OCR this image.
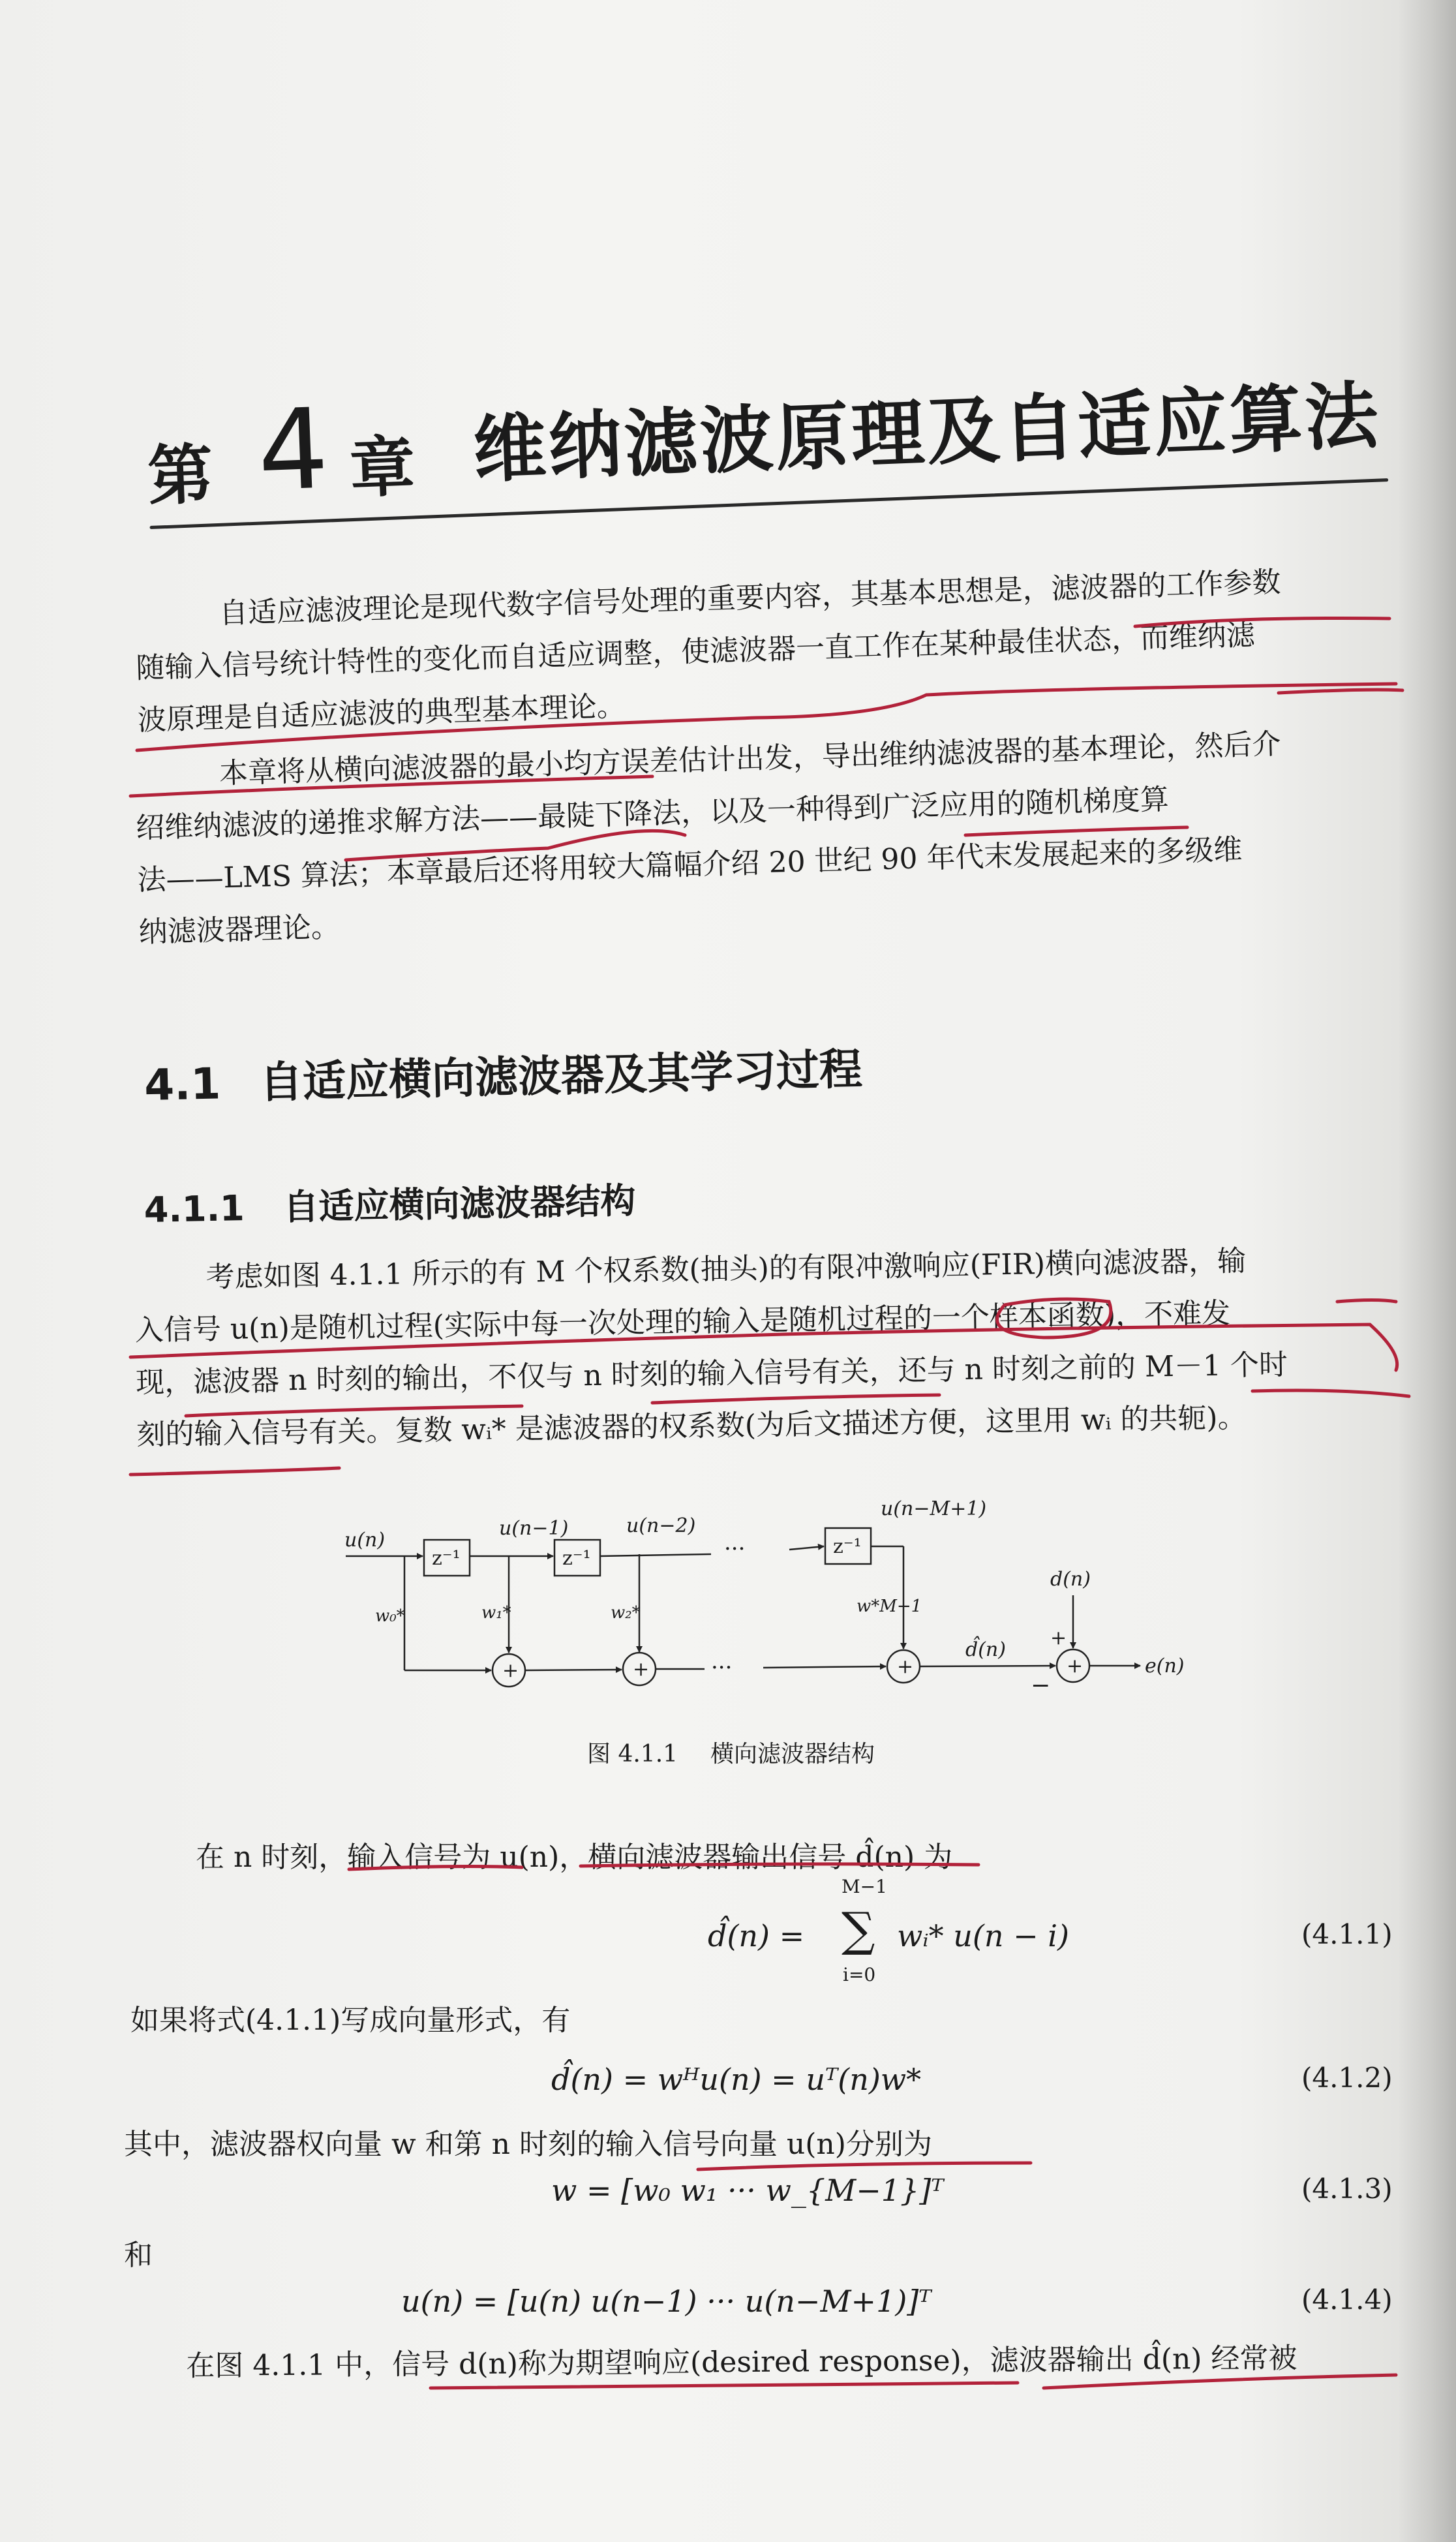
第 4 章 维纳滤波原理及自适应算法
自适应滤波理论是现代数字信号处理的重要内容，其基本思想是，滤波器的工作参数
随输入信号统计特性的变化而自适应调整，使滤波器一直工作在某种最佳状态，而维纳滤
波原理是自适应滤波的典型基本理论。
本章将从横向滤波器的最小均方误差估计出发，导出维纳滤波器的基本理论，然后介
绍维纳滤波的递推求解方法——最陡下降法，以及一种得到广泛应用的随机梯度算
法——LMS 算法；本章最后还将用较大篇幅介绍 20 世纪 90 年代末发展起来的多级维
纳滤波器理论。
4.1 自适应横向滤波器及其学习过程
4.1.1 自适应横向滤波器结构
考虑如图 4.1.1 所示的有 M 个权系数(抽头)的有限冲激响应(FIR)横向滤波器，输
入信号 u(n)是随机过程(实际中每一次处理的输入是随机过程的一个样本函数)，不难发
现，滤波器 n 时刻的输出，不仅与 n 时刻的输入信号有关，还与 n 时刻之前的 M－1 个时
刻的输入信号有关。复数 wᵢ* 是滤波器的权系数(为后文描述方便，这里用 wᵢ 的共轭)。
u(n)
z⁻¹	z⁻¹
z⁻¹
u(n−1)	u(n−2)
u(n−M+1)
···
···
w₀*	w₁*	w₂*	w*M−1
+	+	+	+
d̂(n)
d(n)
+
−
e(n)
图 4.1.1 横向滤波器结构
在 n 时刻，输入信号为 u(n)，横向滤波器输出信号 d̂(n) 为
d̂(n) =
M−1
∑
i=0
wᵢ* u(n − i)	(4.1.1)
如果将式(4.1.1)写成向量形式，有
d̂(n) = wᴴu(n) = uᵀ(n)w*	(4.1.2)
其中，滤波器权向量 w 和第 n 时刻的输入信号向量 u(n)分别为
w = [w₀ w₁ ··· w_{M−1}]ᵀ	(4.1.3)
和
u(n) = [u(n) u(n−1) ··· u(n−M+1)]ᵀ	(4.1.4)
在图 4.1.1 中，信号 d(n)称为期望响应(desired response)，滤波器输出 d̂(n) 经常被
